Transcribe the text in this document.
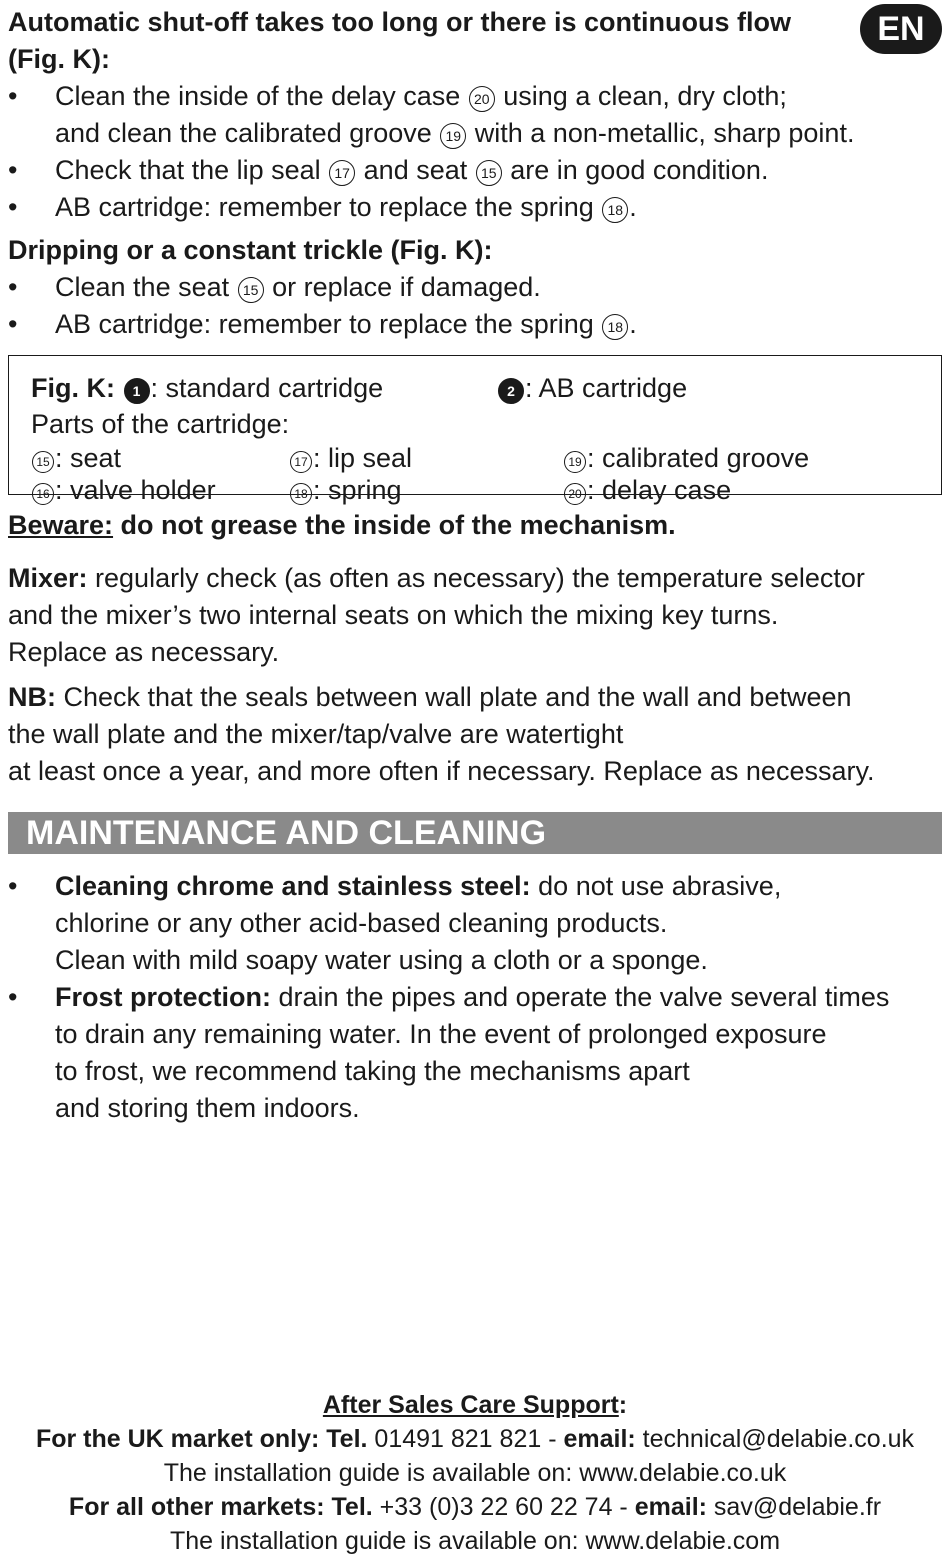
EN
Automatic shut-off takes too long or there is continuous flow (Fig. K):
• Clean the inside of the delay case 20 using a clean, dry cloth;
and clean the calibrated groove 19 with a non-metallic, sharp point.
• Check that the lip seal 17 and seat 15 are in good condition.
• AB cartridge: remember to replace the spring 18 .
Dripping or a constant trickle (Fig. K):
• Clean the seat 15 or replace if damaged.
• AB cartridge: remember to replace the spring 18 .
Fig. K: 1 : standard cartridge	2 : AB cartridge
Parts of the cartridge:
15 : seat	17 : lip seal	19 : calibrated groove
16 : valve holder	18 : spring	20 : delay case
Beware: do not grease the inside of the mechanism.
Mixer: regularly check (as often as necessary) the temperature selector
and the mixer’s two internal seats on which the mixing key turns.
Replace as necessary.
NB: Check that the seals between wall plate and the wall and between
the wall plate and the mixer/tap/valve are watertight
at least once a year, and more often if necessary. Replace as necessary.
MAINTENANCE AND CLEANING
• Cleaning chrome and stainless steel: do not use abrasive,
chlorine or any other acid-based cleaning products.
Clean with mild soapy water using a cloth or a sponge.
• Frost protection: drain the pipes and operate the valve several times
to drain any remaining water. In the event of prolonged exposure
to frost, we recommend taking the mechanisms apart
and storing them indoors.
After Sales Care Support:
For the UK market only: Tel. 01491 821 821 - email: technical@delabie.co.uk
The installation guide is available on: www.delabie.co.uk
For all other markets: Tel. +33 (0)3 22 60 22 74 - email: sav@delabie.fr
The installation guide is available on: www.delabie.com
